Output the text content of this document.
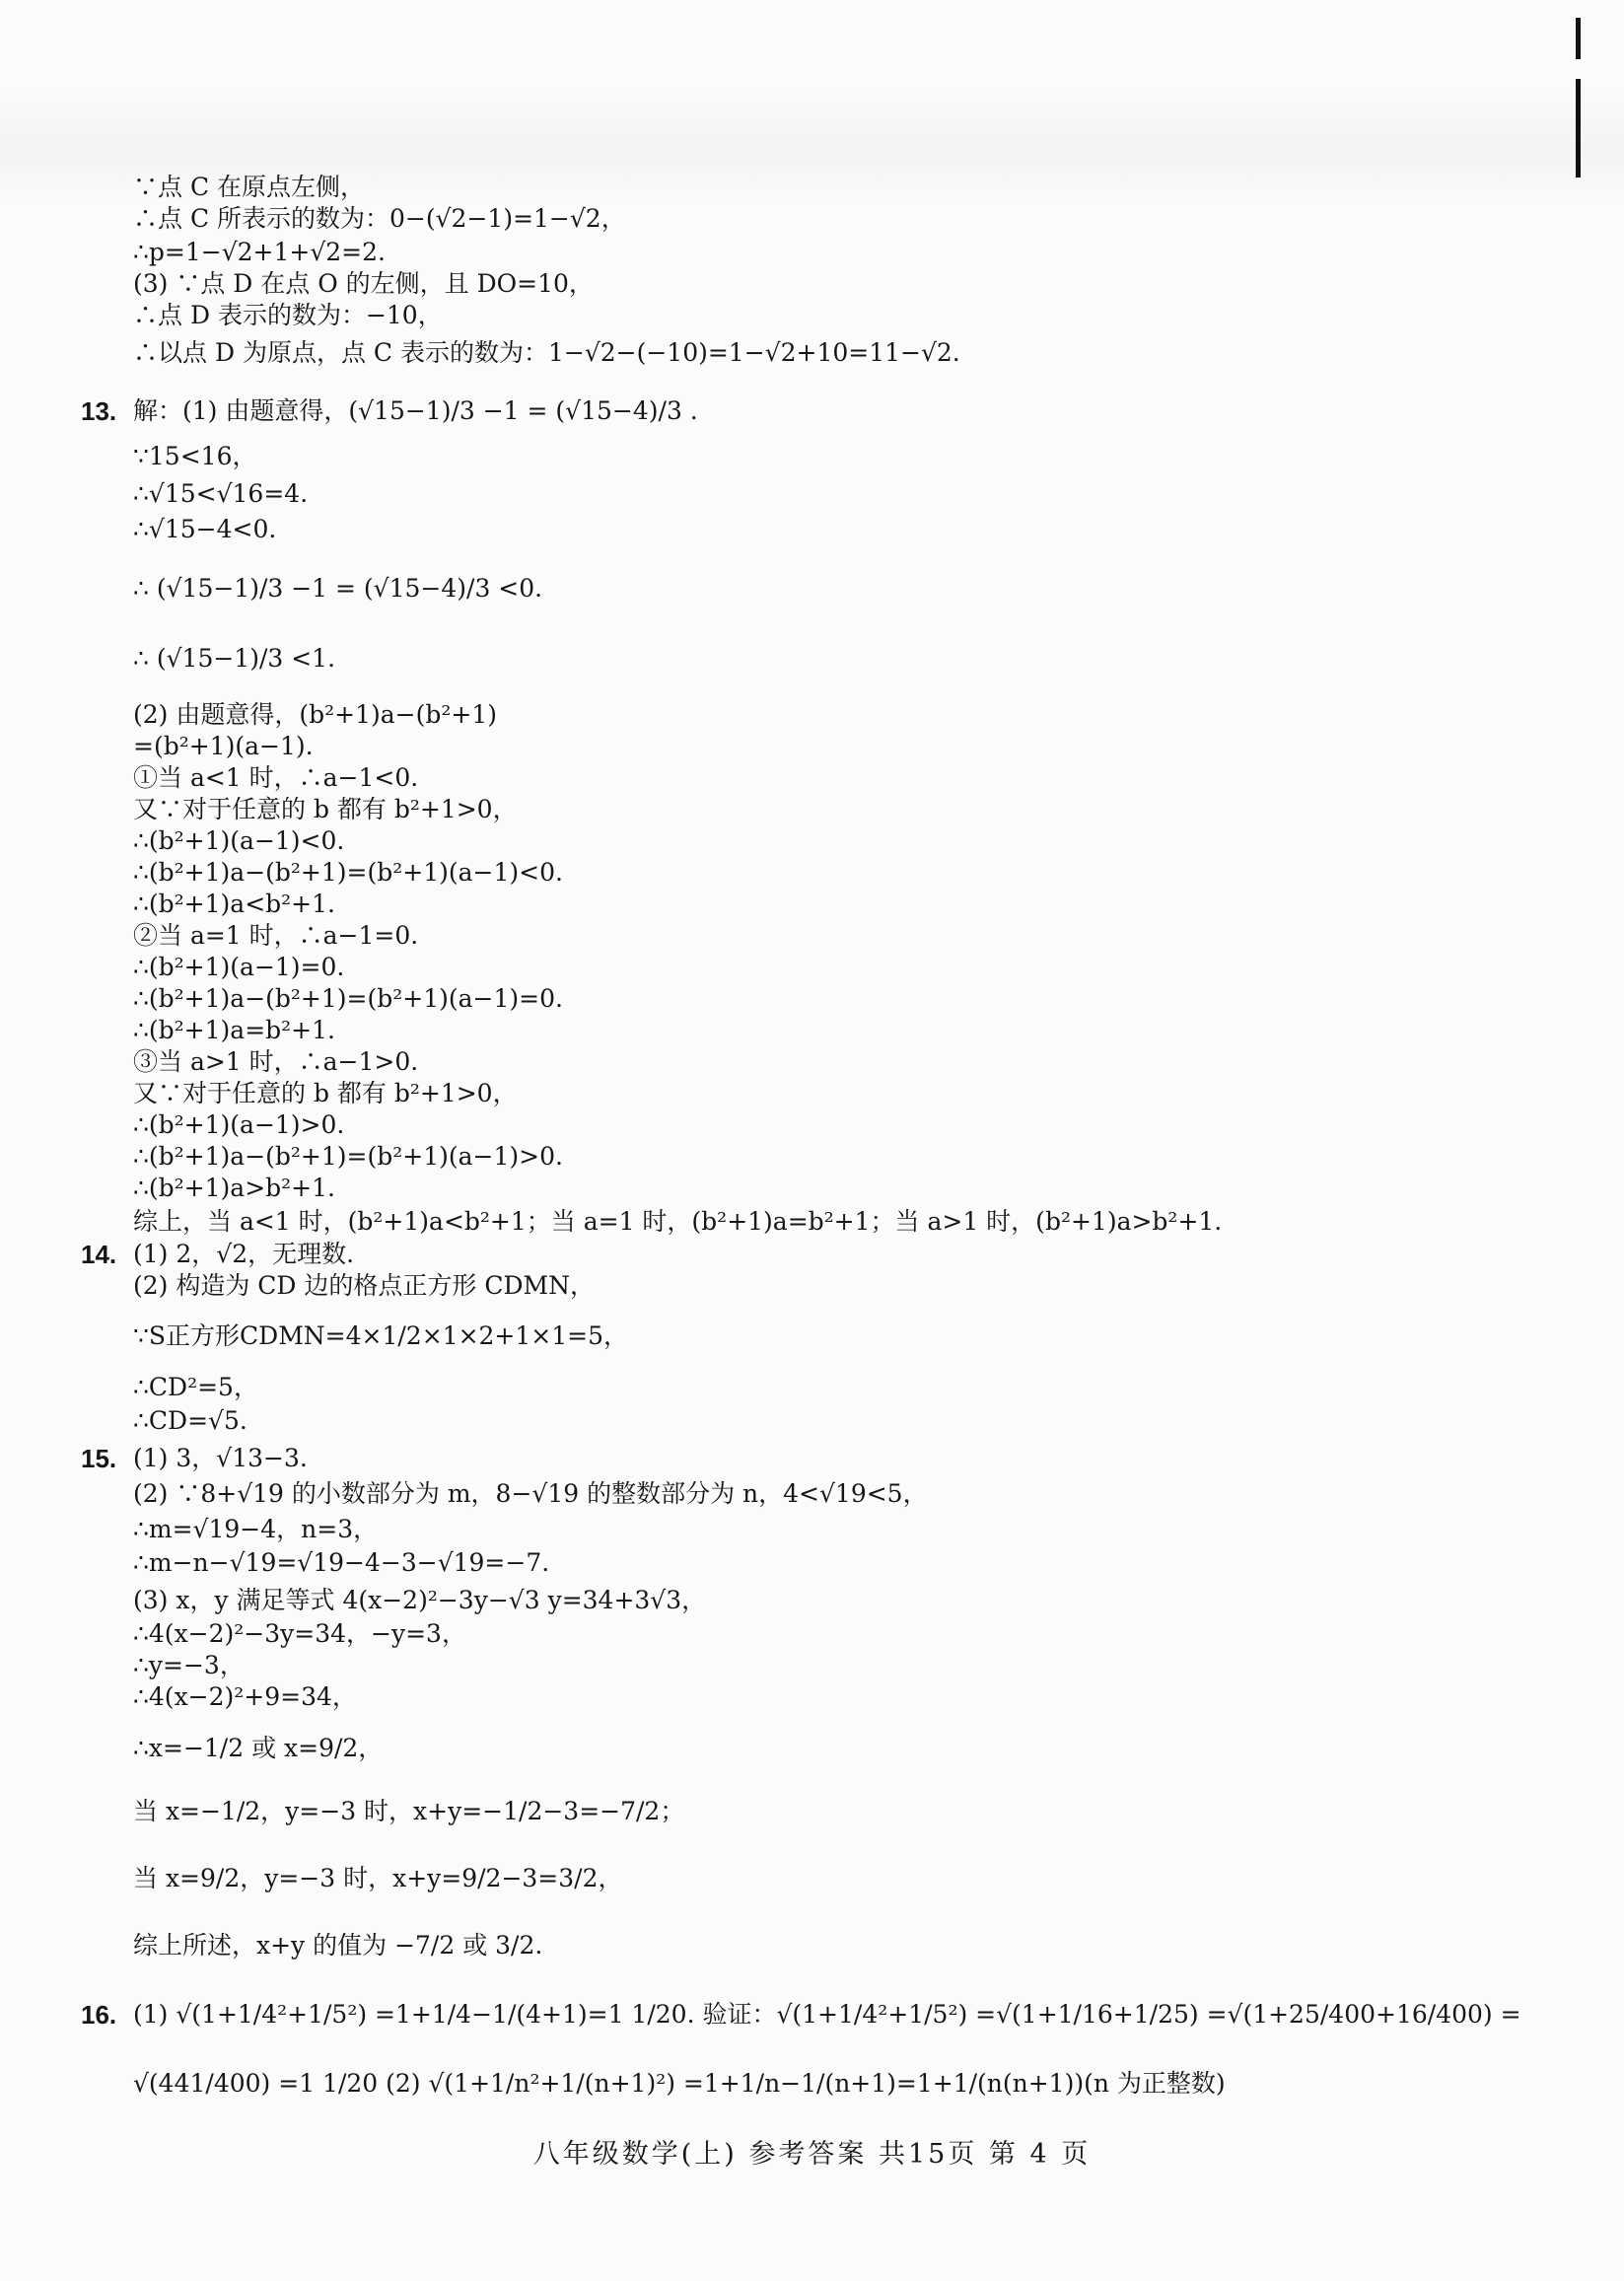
∵点 C 在原点左侧，
∴点 C 所表示的数为：0−(√2−1)=1−√2，
∴p=1−√2+1+√2=2.
(3) ∵点 D 在点 O 的左侧，且 DO=10，
∴点 D 表示的数为：−10，
∴以点 D 为原点，点 C 表示的数为：1−√2−(−10)=1−√2+10=11−√2.
13. 解：(1) 由题意得，(√15−1)/3 −1 = (√15−4)/3 .
∵15<16，
∴√15<√16=4.
∴√15−4<0.
∴ (√15−1)/3 −1 = (√15−4)/3 <0.
∴ (√15−1)/3 <1.
(2) 由题意得，(b²+1)a−(b²+1)
=(b²+1)(a−1).
①当 a<1 时，∴a−1<0.
又∵对于任意的 b 都有 b²+1>0，
∴(b²+1)(a−1)<0.
∴(b²+1)a−(b²+1)=(b²+1)(a−1)<0.
∴(b²+1)a<b²+1.
②当 a=1 时，∴a−1=0.
∴(b²+1)(a−1)=0.
∴(b²+1)a−(b²+1)=(b²+1)(a−1)=0.
∴(b²+1)a=b²+1.
③当 a>1 时，∴a−1>0.
又∵对于任意的 b 都有 b²+1>0，
∴(b²+1)(a−1)>0.
∴(b²+1)a−(b²+1)=(b²+1)(a−1)>0.
∴(b²+1)a>b²+1.
综上，当 a<1 时，(b²+1)a<b²+1；当 a=1 时，(b²+1)a=b²+1；当 a>1 时，(b²+1)a>b²+1.
14. (1) 2，√2，无理数.
(2) 构造为 CD 边的格点正方形 CDMN，
∵S正方形CDMN=4×1/2×1×2+1×1=5，
∴CD²=5，
∴CD=√5.
15. (1) 3，√13−3.
(2) ∵8+√19 的小数部分为 m，8−√19 的整数部分为 n，4<√19<5，
∴m=√19−4，n=3，
∴m−n−√19=√19−4−3−√19=−7.
(3) x，y 满足等式 4(x−2)²−3y−√3 y=34+3√3，
∴4(x−2)²−3y=34，−y=3，
∴y=−3，
∴4(x−2)²+9=34，
∴x=−1/2 或 x=9/2，
当 x=−1/2，y=−3 时，x+y=−1/2−3=−7/2；
当 x=9/2，y=−3 时，x+y=9/2−3=3/2，
综上所述，x+y 的值为 −7/2 或 3/2.
16. (1) √(1+1/4²+1/5²) =1+1/4−1/(4+1)=1 1/20. 验证：√(1+1/4²+1/5²) =√(1+1/16+1/25) =√(1+25/400+16/400) =
√(441/400) =1 1/20 (2) √(1+1/n²+1/(n+1)²) =1+1/n−1/(n+1)=1+1/(n(n+1))(n 为正整数)
八年级数学(上) 参考答案 共15页 第 4 页
